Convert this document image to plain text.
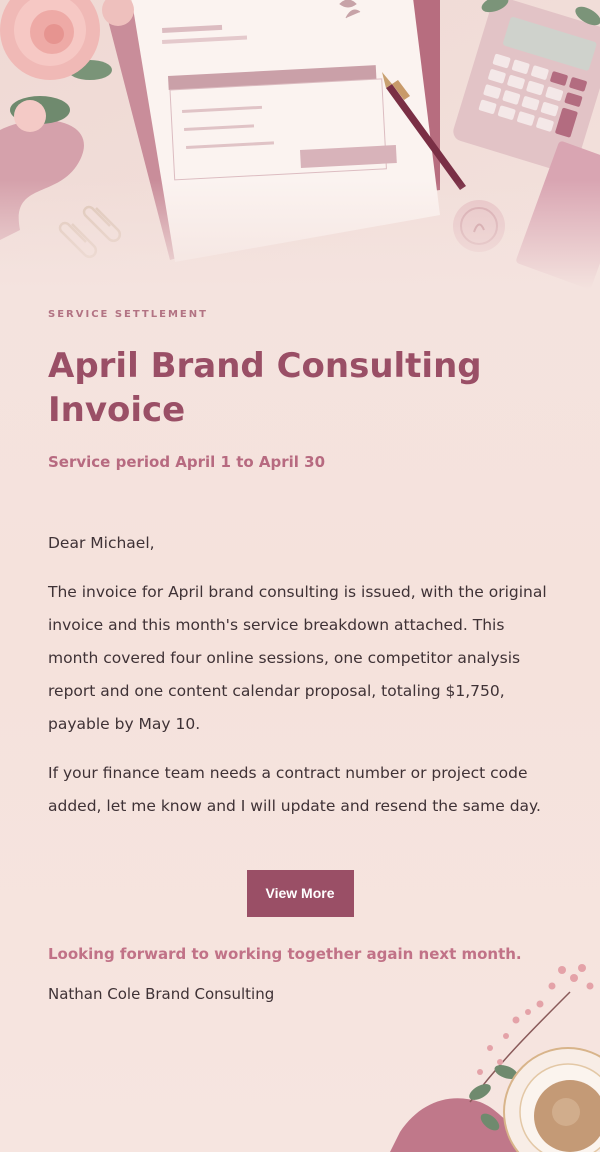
SERVICE SETTLEMENT

April Brand Consulting Invoice

Service period April 1 to April 30

Dear Michael,

The invoice for April brand consulting is issued, with the original invoice and this month's service breakdown attached. This month covered four online sessions, one competitor analysis report and one content calendar proposal, totaling $1,750, payable by May 10.

If your finance team needs a contract number or project code added, let me know and I will update and resend the same day.

View More

Looking forward to working together again next month.

Nathan Cole Brand Consulting
